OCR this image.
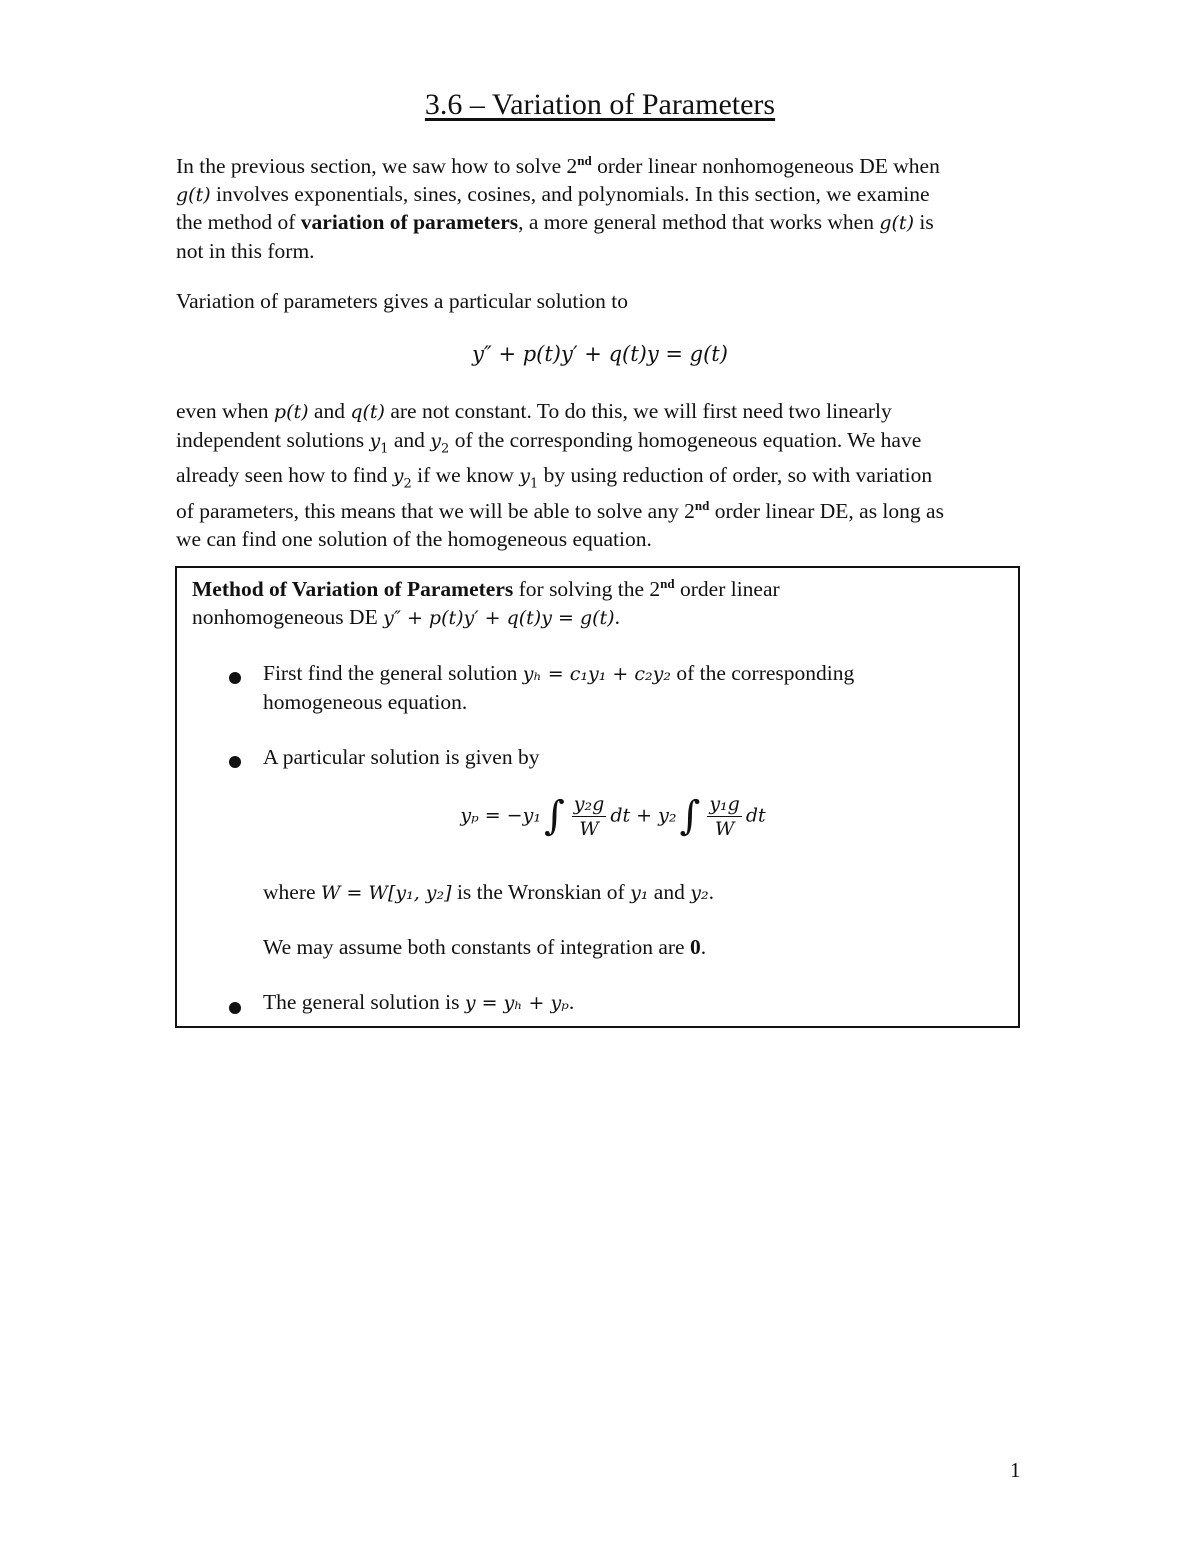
3.6 – Variation of Parameters

In the previous section, we saw how to solve 2nd order linear nonhomogeneous DE when
g(t) involves exponentials, sines, cosines, and polynomials. In this section, we examine
the method of variation of parameters, a more general method that works when g(t) is
not in this form.

Variation of parameters gives a particular solution to

y″ + p(t)y′ + q(t)y = g(t)

even when p(t) and q(t) are not constant. To do this, we will first need two linearly
independent solutions $y_1$ and $y_2$ of the corresponding homogeneous equation. We have
already seen how to find $y_2$ if we know $y_1$ by using reduction of order, so with variation
of parameters, this means that we will be able to solve any 2nd order linear DE, as long as
we can find one solution of the homogeneous equation.

Method of Variation of Parameters for solving the 2nd order linear
nonhomogeneous DE y″ + p(t)y′ + q(t)y = g(t).
First find the general solution yₕ = c₁y₁ + c₂y₂ of the corresponding
homogeneous equation.
A particular solution is given by
$y_p = -y_1\int \frac{\text{y₂g}}{W}$ dt + $y_2\int \frac{\text{y₁g}}{W}$ dt
where W = W[y₁, y₂] is the Wronskian of y₁ and y₂.
We may assume both constants of integration are 0.
The general solution is y = yₕ + yₚ.
1
